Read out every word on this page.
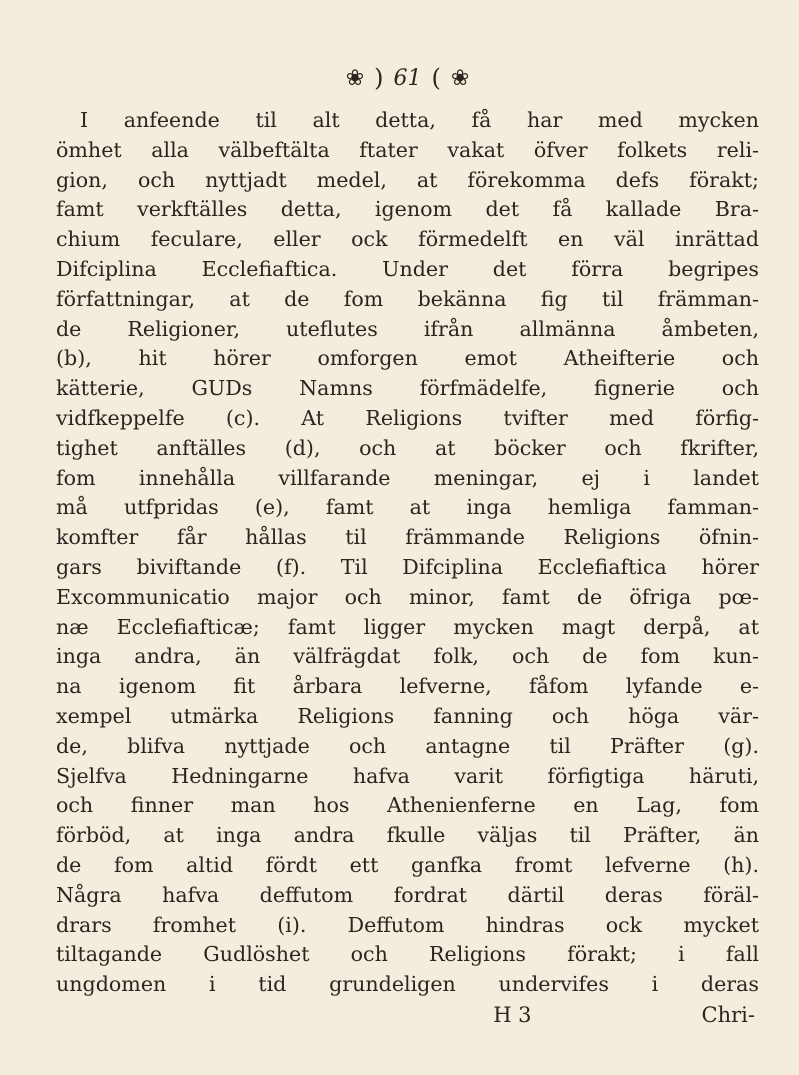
❀ ) 61 ( ❀
I anfeende til alt detta, få har med mycken
ömhet alla välbeftälta ftater vakat öfver folkets reli-
gion, och nyttjadt medel, at förekomma defs förakt;
famt verkftälles detta, igenom det få kallade Bra-
chium feculare, eller ock förmedelft en väl inrättad
Difciplina Ecclefiaftica. Under det förra begripes
författningar, at de fom bekänna fig til främman-
de Religioner, uteflutes ifrån allmänna åmbeten,
(b), hit hörer omforgen emot Atheifterie och
kätterie, GUDs Namns förfmädelfe, fignerie och
vidfkeppelfe (c). At Religions tvifter med förfig-
tighet anftälles (d), och at böcker och fkrifter,
fom innehålla villfarande meningar, ej i landet
må utfpridas (e), famt at inga hemliga famman-
komfter får hållas til främmande Religions öfnin-
gars biviftande (f). Til Difciplina Ecclefiaftica hörer
Excommunicatio major och minor, famt de öfriga pœ-
næ Ecclefiafticæ; famt ligger mycken magt derpå, at
inga andra, än välfrägdat folk, och de fom kun-
na igenom fit årbara lefverne, fåfom lyfande e-
xempel utmärka Religions fanning och höga vär-
de, blifva nyttjade och antagne til Präfter (g).
Sjelfva Hedningarne hafva varit förfigtiga häruti,
och finner man hos Athenienferne en Lag, fom
förböd, at inga andra fkulle väljas til Präfter, än
de fom altid fördt ett ganfka fromt lefverne (h).
Några hafva deffutom fordrat därtil deras föräl-
drars fromhet (i). Deffutom hindras ock mycket
tiltagande Gudlöshet och Religions förakt; i fall
ungdomen i tid grundeligen undervifes i deras
H 3	Chri-
